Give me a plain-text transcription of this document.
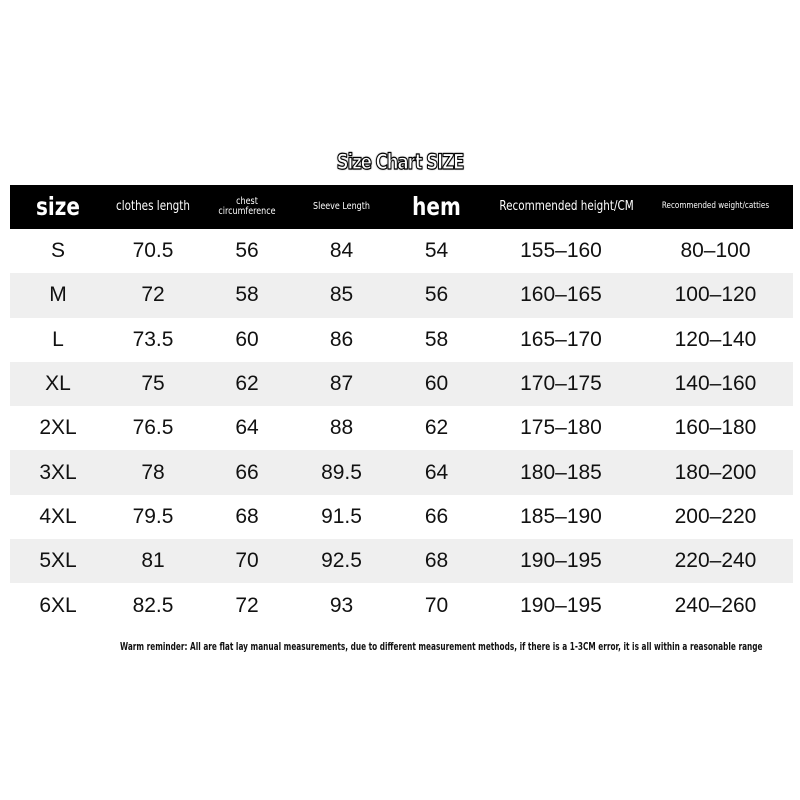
Size Chart SIZE
size	clothes length	chest circumference	Sleeve Length	hem	Recommended height/CM	Recommended weight/catties
S	70.5	56	84	54	155–160	80–100
M	72	58	85	56	160–165	100–120
L	73.5	60	86	58	165–170	120–140
XL	75	62	87	60	170–175	140–160
2XL	76.5	64	88	62	175–180	160–180
3XL	78	66	89.5	64	180–185	180–200
4XL	79.5	68	91.5	66	185–190	200–220
5XL	81	70	92.5	68	190–195	220–240
6XL	82.5	72	93	70	190–195	240–260
Warm reminder: All are flat lay manual measurements, due to different measurement methods, if there is a 1-3CM error, it is all within a reasonable range
